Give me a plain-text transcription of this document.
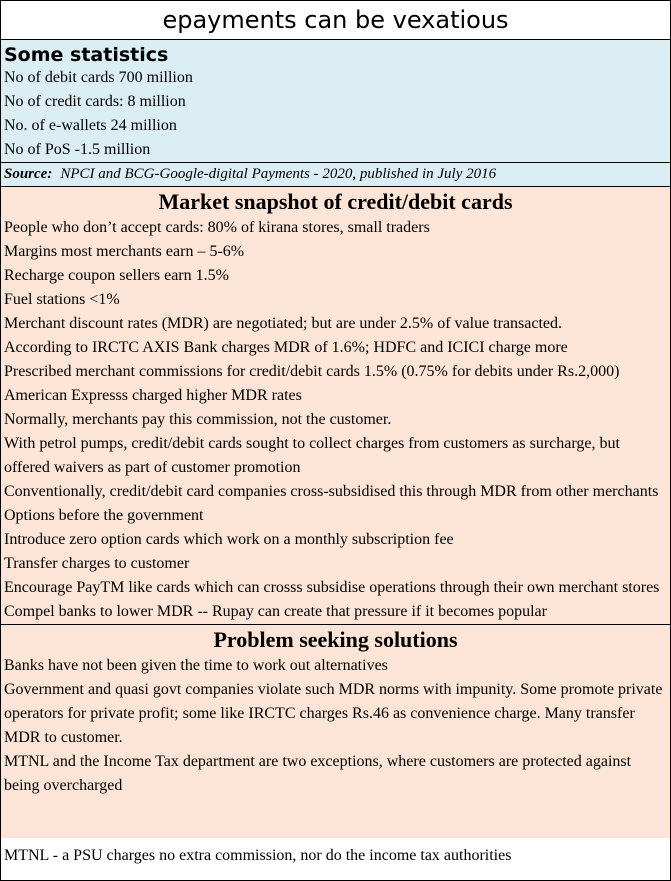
epayments can be vexatious
Some statistics
No of debit cards 700 million
No of credit cards: 8 million
No. of e-wallets 24 million
No of PoS -1.5 million
Source: NPCI and BCG-Google-digital Payments - 2020, published in July 2016
Market snapshot of credit/debit cards
People who don’t accept cards: 80% of kirana stores, small traders
Margins most merchants earn – 5-6%
Recharge coupon sellers earn 1.5%
Fuel stations <1%
Merchant discount rates (MDR) are negotiated; but are under 2.5% of value transacted.
According to IRCTC AXIS Bank charges MDR of 1.6%; HDFC and ICICI charge more
Prescribed merchant commissions for credit/debit cards 1.5% (0.75% for debits under Rs.2,000)
American Expresss charged higher MDR rates
Normally, merchants pay this commission, not the customer.
With petrol pumps, credit/debit cards sought to collect charges from customers as surcharge, but offered waivers as part of customer promotion
Conventionally, credit/debit card companies cross-subsidised this through MDR from other merchants
Options before the government
Introduce zero option cards which work on a monthly subscription fee
Transfer charges to customer
Encourage PayTM like cards which can crosss subsidise operations through their own merchant stores
Compel banks to lower MDR -- Rupay can create that pressure if it becomes popular
Problem seeking solutions
Banks have not been given the time to work out alternatives
Government and quasi govt companies violate such MDR norms with impunity. Some promote private operators for private profit; some like IRCTC charges Rs.46 as convenience charge. Many transfer MDR to customer.
MTNL and the Income Tax department are two exceptions, where customers are protected against being overcharged
MTNL - a PSU charges no extra commission, nor do the income tax authorities
